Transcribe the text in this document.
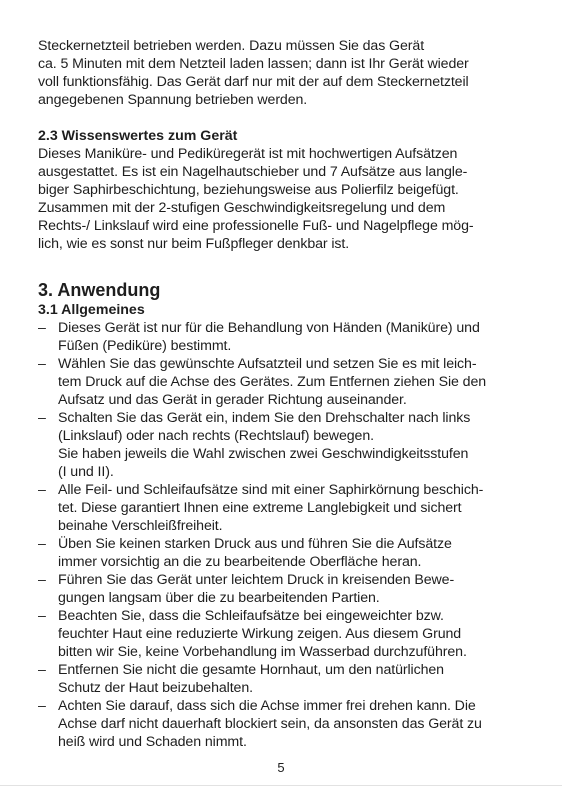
Steckernetzteil betrieben werden. Dazu müssen Sie das Gerät
ca. 5 Minuten mit dem Netzteil laden lassen; dann ist Ihr Gerät wieder
voll funktionsfähig. Das Gerät darf nur mit der auf dem Steckernetzteil
angegebenen Spannung betrieben werden.
2.3 Wissenswertes zum Gerät
Dieses Maniküre- und Pediküregerät ist mit hochwertigen Aufsätzen
ausgestattet. Es ist ein Nagelhautschieber und 7 Aufsätze aus langle-
biger Saphirbeschichtung, beziehungsweise aus Polierfilz beigefügt.
Zusammen mit der 2-stufigen Geschwindigkeitsregelung und dem
Rechts-/ Linkslauf wird eine professionelle Fuß- und Nagelpflege mög-
lich, wie es sonst nur beim Fußpfleger denkbar ist.
3. Anwendung
3.1 Allgemeines
– Dieses Gerät ist nur für die Behandlung von Händen (Maniküre) und
Füßen (Pediküre) bestimmt.
– Wählen Sie das gewünschte Aufsatzteil und setzen Sie es mit leich-
tem Druck auf die Achse des Gerätes. Zum Entfernen ziehen Sie den
Aufsatz und das Gerät in gerader Richtung auseinander.
– Schalten Sie das Gerät ein, indem Sie den Drehschalter nach links
(Linkslauf) oder nach rechts (Rechtslauf) bewegen.
Sie haben jeweils die Wahl zwischen zwei Geschwindigkeitsstufen
(I und II).
– Alle Feil- und Schleifaufsätze sind mit einer Saphirkörnung beschich-
tet. Diese garantiert Ihnen eine extreme Langlebigkeit und sichert
beinahe Verschleißfreiheit.
– Üben Sie keinen starken Druck aus und führen Sie die Aufsätze
immer vorsichtig an die zu bearbeitende Oberfläche heran.
– Führen Sie das Gerät unter leichtem Druck in kreisenden Bewe-
gungen langsam über die zu bearbeitenden Partien.
– Beachten Sie, dass die Schleifaufsätze bei eingeweichter bzw.
feuchter Haut eine reduzierte Wirkung zeigen. Aus diesem Grund
bitten wir Sie, keine Vorbehandlung im Wasserbad durchzuführen.
– Entfernen Sie nicht die gesamte Hornhaut, um den natürlichen
Schutz der Haut beizubehalten.
– Achten Sie darauf, dass sich die Achse immer frei drehen kann. Die
Achse darf nicht dauerhaft blockiert sein, da ansonsten das Gerät zu
heiß wird und Schaden nimmt.
5
